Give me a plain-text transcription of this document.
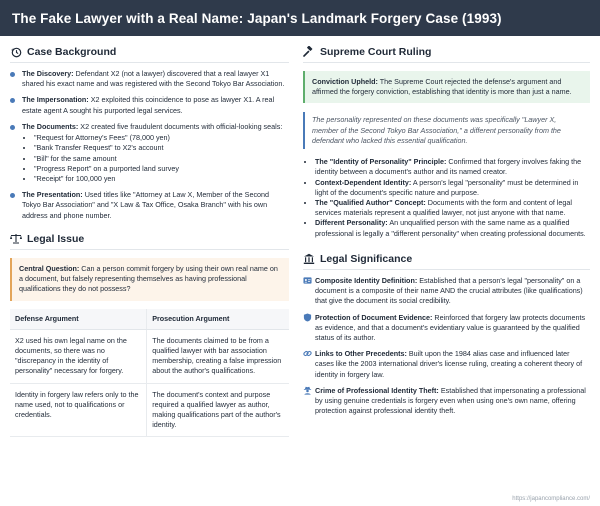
The Fake Lawyer with a Real Name: Japan's Landmark Forgery Case (1993)
Case Background
The Discovery: Defendant X2 (not a lawyer) discovered that a real lawyer X1 shared his exact name and was registered with the Second Tokyo Bar Association.
The Impersonation: X2 exploited this coincidence to pose as lawyer X1. A real estate agent A sought his purported legal services.
The Documents: X2 created five fraudulent documents with official-looking seals:
• "Request for Attorney's Fees" (78,000 yen)
• "Bank Transfer Request" to X2's account
• "Bill" for the same amount
• "Progress Report" on a purported land survey
• "Receipt" for 100,000 yen
The Presentation: Used titles like "Attorney at Law X, Member of the Second Tokyo Bar Association" and "X Law & Tax Office, Osaka Branch" with his own address and phone number.
Legal Issue

Central Question: Can a person commit forgery by using their own real name on a document, but falsely representing themselves as having professional qualifications they do not possess?

Defense Argument	Prosecution Argument
X2 used his own legal name on the documents, so there was no "discrepancy in the identity of personality" necessary for forgery.	The documents claimed to be from a qualified lawyer with bar association membership, creating a false impression about the author's qualifications.
Identity in forgery law refers only to the name used, not to qualifications or credentials.	The document's context and purpose required a qualified lawyer as author, making qualifications part of the author's identity.
Supreme Court Ruling

Conviction Upheld: The Supreme Court rejected the defense's argument and affirmed the forgery conviction, establishing that identity is more than just a name.

The personality represented on these documents was specifically "Lawyer X, member of the Second Tokyo Bar Association," a different personality from the defendant who lacked this essential qualification.

• The "Identity of Personality" Principle: Confirmed that forgery involves faking the identity between a document's author and its named creator.
• Context-Dependent Identity: A person's legal "personality" must be determined in light of the document's specific nature and purpose.
• The "Qualified Author" Concept: Documents with the form and content of legal services materials represent a qualified lawyer, not just anyone with that name.
• Different Personality: An unqualified person with the same name as a qualified professional is legally a "different personality" when creating professional documents.
Legal Significance
Composite Identity Definition: Established that a person's legal "personality" on a document is a composite of their name AND the crucial attributes (like qualifications) that give the document its social credibility.
Protection of Document Evidence: Reinforced that forgery law protects documents as evidence, and that a document's evidentiary value is guaranteed by the qualified status of its author.
Links to Other Precedents: Built upon the 1984 alias case and influenced later cases like the 2003 international driver's license ruling, creating a coherent theory of identity in forgery law.
Crime of Professional Identity Theft: Established that impersonating a professional by using genuine credentials is forgery even when using one's own name, offering protection against professional identity theft.
https://japancompliance.com/
